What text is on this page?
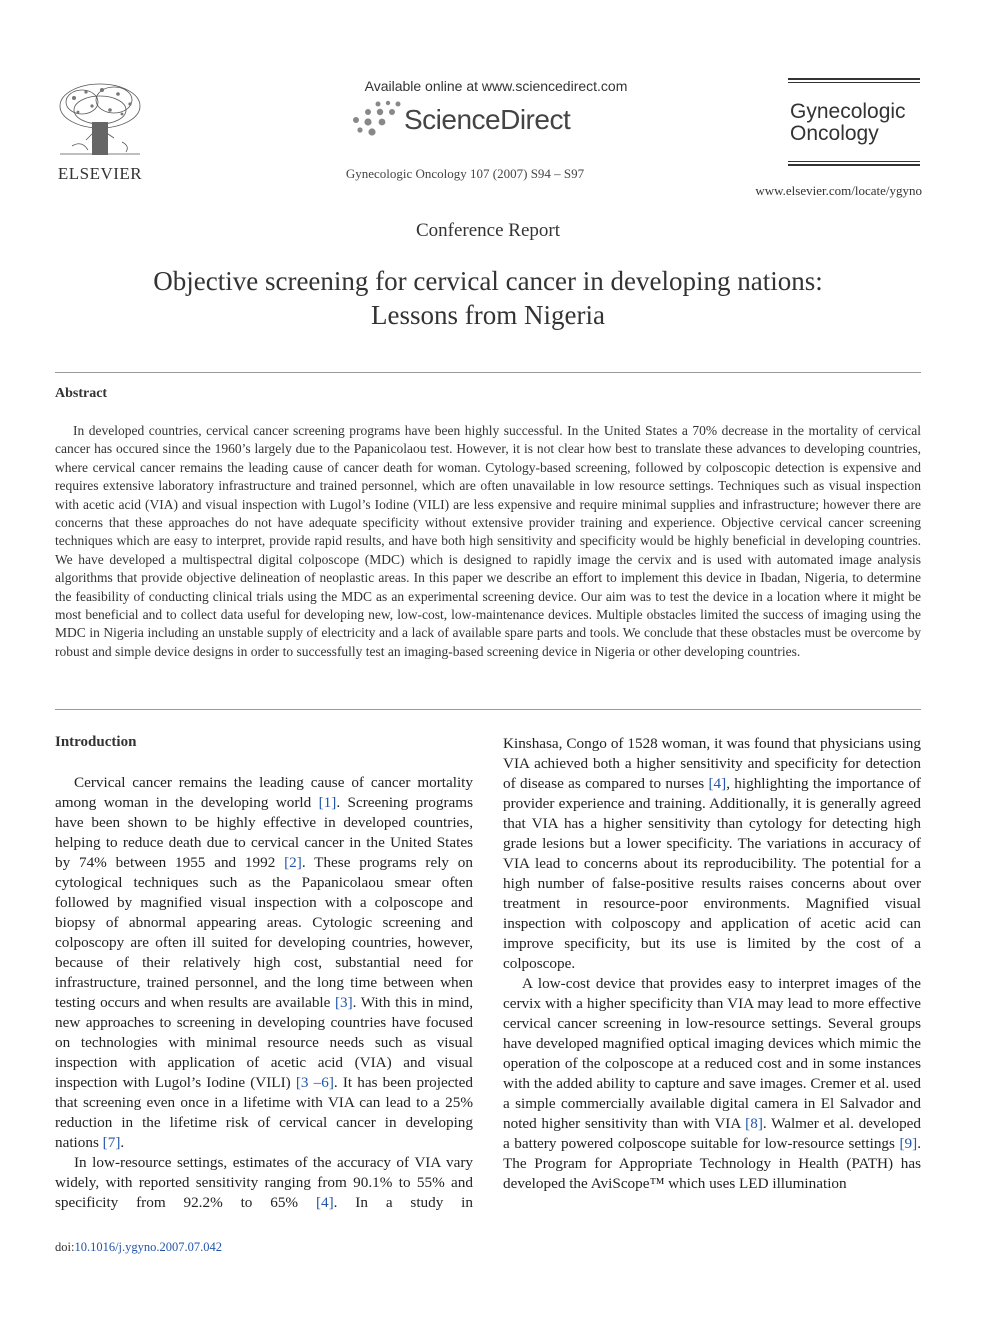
ELSEVIER
Available online at www.sciencedirect.com
ScienceDirect
Gynecologic Oncology 107 (2007) S94 – S97
Gynecologic
Oncology
www.elsevier.com/locate/ygyno
Conference Report
Objective screening for cervical cancer in developing nations:
Lessons from Nigeria
Abstract

In developed countries, cervical cancer screening programs have been highly successful. In the United States a 70% decrease in the mortality of cervical cancer has occured since the 1960’s largely due to the Papanicolaou test. However, it is not clear how best to translate these advances to developing countries, where cervical cancer remains the leading cause of cancer death for woman. Cytology-based screening, followed by colposcopic detection is expensive and requires extensive laboratory infrastructure and trained personnel, which are often unavailable in low resource settings. Techniques such as visual inspection with acetic acid (VIA) and visual inspection with Lugol’s Iodine (VILI) are less expensive and require minimal supplies and infrastructure; however there are concerns that these approaches do not have adequate specificity without extensive provider training and experience. Objective cervical cancer screening techniques which are easy to interpret, provide rapid results, and have both high sensitivity and specificity would be highly beneficial in developing countries. We have developed a multispectral digital colposcope (MDC) which is designed to rapidly image the cervix and is used with automated image analysis algorithms that provide objective delineation of neoplastic areas. In this paper we describe an effort to implement this device in Ibadan, Nigeria, to determine the feasibility of conducting clinical trials using the MDC as an experimental screening device. Our aim was to test the device in a location where it might be most beneficial and to collect data useful for developing new, low-cost, low-maintenance devices. Multiple obstacles limited the success of imaging using the MDC in Nigeria including an unstable supply of electricity and a lack of available spare parts and tools. We conclude that these obstacles must be overcome by robust and simple device designs in order to successfully test an imaging-based screening device in Nigeria or other developing countries.

Introduction

Cervical cancer remains the leading cause of cancer mortality among woman in the developing world [1]. Screening programs have been shown to be highly effective in developed countries, helping to reduce death due to cervical cancer in the United States by 74% between 1955 and 1992 [2]. These programs rely on cytological techniques such as the Papanicolaou smear often followed by magnified visual inspection with a colposcope and biopsy of abnormal appearing areas. Cytologic screening and colposcopy are often ill suited for developing countries, however, because of their relatively high cost, substantial need for infrastructure, trained personnel, and the long time between when testing occurs and when results are available [3]. With this in mind, new approaches to screening in developing countries have focused on technologies with minimal resource needs such as visual inspection with application of acetic acid (VIA) and visual inspection with Lugol’s Iodine (VILI) [3 –6]. It has been projected that screening even once in a lifetime with VIA can lead to a 25% reduction in the lifetime risk of cervical cancer in developing nations [7].

In low-resource settings, estimates of the accuracy of VIA vary widely, with reported sensitivity ranging from 90.1% to 55% and specificity from 92.2% to 65% [4]. In a study in

Kinshasa, Congo of 1528 woman, it was found that physicians using VIA achieved both a higher sensitivity and specificity for detection of disease as compared to nurses [4], highlighting the importance of provider experience and training. Additionally, it is generally agreed that VIA has a higher sensitivity than cytology for detecting high grade lesions but a lower specificity. The variations in accuracy of VIA lead to concerns about its reproducibility. The potential for a high number of false-positive results raises concerns about over treatment in resource-poor environments. Magnified visual inspection with colposcopy and application of acetic acid can improve specificity, but its use is limited by the cost of a colposcope.

A low-cost device that provides easy to interpret images of the cervix with a higher specificity than VIA may lead to more effective cervical cancer screening in low-resource settings. Several groups have developed magnified optical imaging devices which mimic the operation of the colposcope at a reduced cost and in some instances with the added ability to capture and save images. Cremer et al. used a simple commercially available digital camera in El Salvador and noted higher sensitivity than with VIA [8]. Walmer et al. developed a battery powered colposcope suitable for low-resource settings [9]. The Program for Appropriate Technology in Health (PATH) has developed the AviScope™ which uses LED illumination

doi:10.1016/j.ygyno.2007.07.042
